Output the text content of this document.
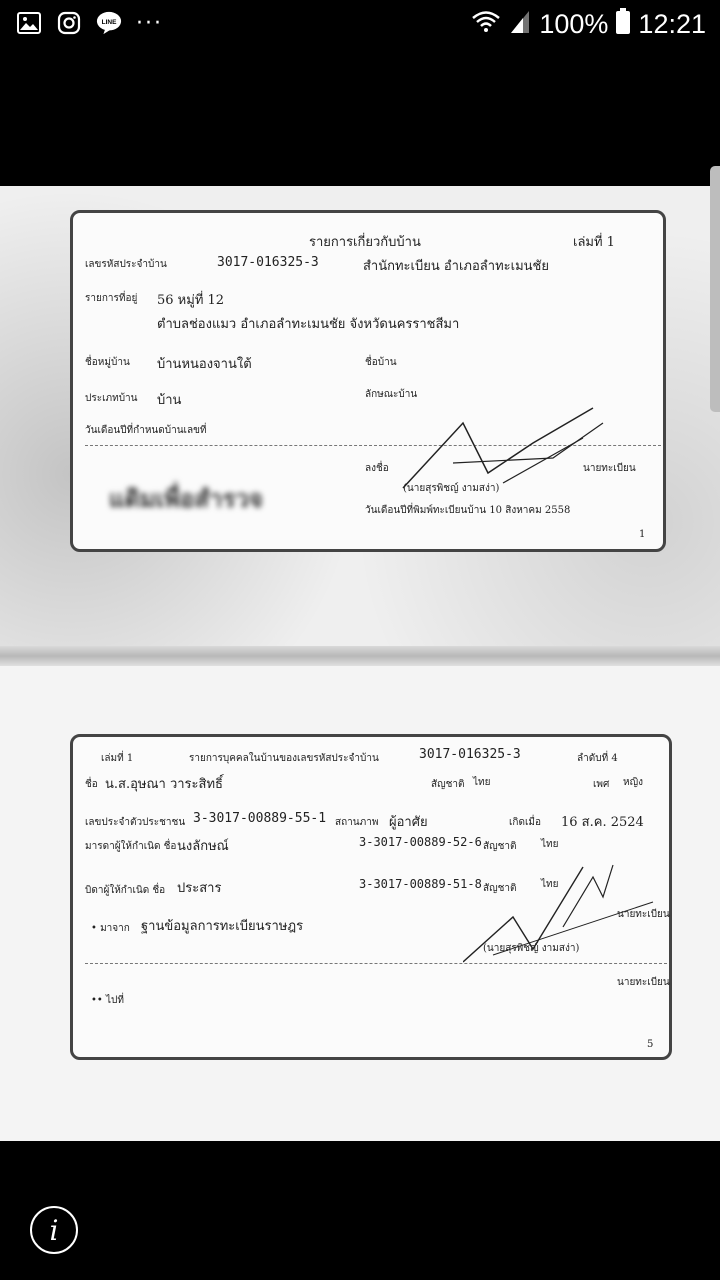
LINE ···	100% 12:21
รายการเกี่ยวกับบ้าน	เล่มที่ 1
เลขรหัสประจำบ้าน	3017-016325-3	สำนักทะเบียน อำเภอลำทะเมนชัย
รายการที่อยู่ 56 หมู่ที่ 12
ตำบลช่องแมว อำเภอลำทะเมนชัย จังหวัดนครราชสีมา
ชื่อหมู่บ้าน บ้านหนองจานใต้	ชื่อบ้าน
ประเภทบ้าน บ้าน	ลักษณะบ้าน
วันเดือนปีที่กำหนดบ้านเลขที่
ลงชื่อ	นายทะเบียน
(นายสุรพิชญ์ งามสง่า)
แดิมเพื่อสำรวจ	วันเดือนปีที่พิมพ์ทะเบียนบ้าน 10 สิงหาคม 2558
1
เล่มที่ 1	รายการบุคคลในบ้านของเลขรหัสประจำบ้าน	3017-016325-3	ลำดับที่ 4
ชื่อ น.ส.อุษณา วาระสิทธิ์	สัญชาติ ไทย	เพศ หญิง
เลขประจำตัวประชาชน 3-3017-00889-55-1 สถานภาพ ผู้อาศัย	เกิดเมื่อ 16 ส.ค. 2524
มารดาผู้ให้กำเนิด ชื่อ นงลักษณ์	3-3017-00889-52-6 สัญชาติ ไทย
บิดาผู้ให้กำเนิด ชื่อ ประสาร	3-3017-00889-51-8 สัญชาติ ไทย
• มาจาก ฐานข้อมูลการทะเบียนราษฎร
นายทะเบียน
(นายสุรพิชญ์ งามสง่า)
นายทะเบียน
•• ไปที่
5
i
